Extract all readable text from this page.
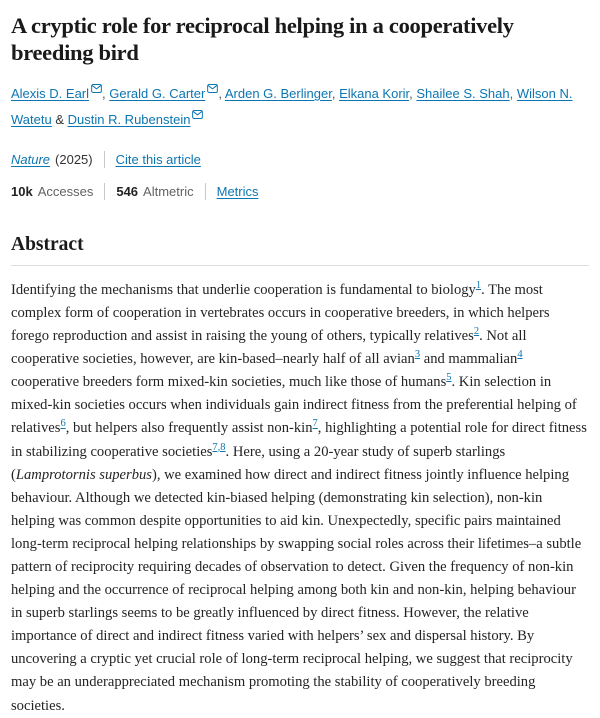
A cryptic role for reciprocal helping in a cooperatively breeding bird

Alexis D. Earl , Gerald G. Carter , Arden G. Berlinger, Elkana Korir, Shailee S. Shah, Wilson N. Watetu & Dustin R. Rubenstein

Nature (2025) Cite this article
10k Accesses 546 Altmetric Metrics
Abstract

Identifying the mechanisms that underlie cooperation is fundamental to biology$^1$. The most complex form of cooperation in vertebrates occurs in cooperative breeders, in which helpers forego reproduction and assist in raising the young of others, typically relatives$^2$. Not all cooperative societies, however, are kin-based–nearly half of all avian$^3$ and mammalian$^4$ cooperative breeders form mixed-kin societies, much like those of humans$^5$. Kin selection in mixed-kin societies occurs when individuals gain indirect fitness from the preferential helping of relatives$^6$, but helpers also frequently assist non-kin$^7$, highlighting a potential role for direct fitness in stabilizing cooperative societies$^{7,8}$. Here, using a 20-year study of superb starlings (Lamprotornis superbus), we examined how direct and indirect fitness jointly influence helping behaviour. Although we detected kin-biased helping (demonstrating kin selection), non-kin helping was common despite opportunities to aid kin. Unexpectedly, specific pairs maintained long-term reciprocal helping relationships by swapping social roles across their lifetimes–a subtle pattern of reciprocity requiring decades of observation to detect. Given the frequency of non-kin helping and the occurrence of reciprocal helping among both kin and non-kin, helping behaviour in superb starlings seems to be greatly influenced by direct fitness. However, the relative importance of direct and indirect fitness varied with helpers’ sex and dispersal history. By uncovering a cryptic yet crucial role of long-term reciprocal helping, we suggest that reciprocity may be an underappreciated mechanism promoting the stability of cooperatively breeding societies.
